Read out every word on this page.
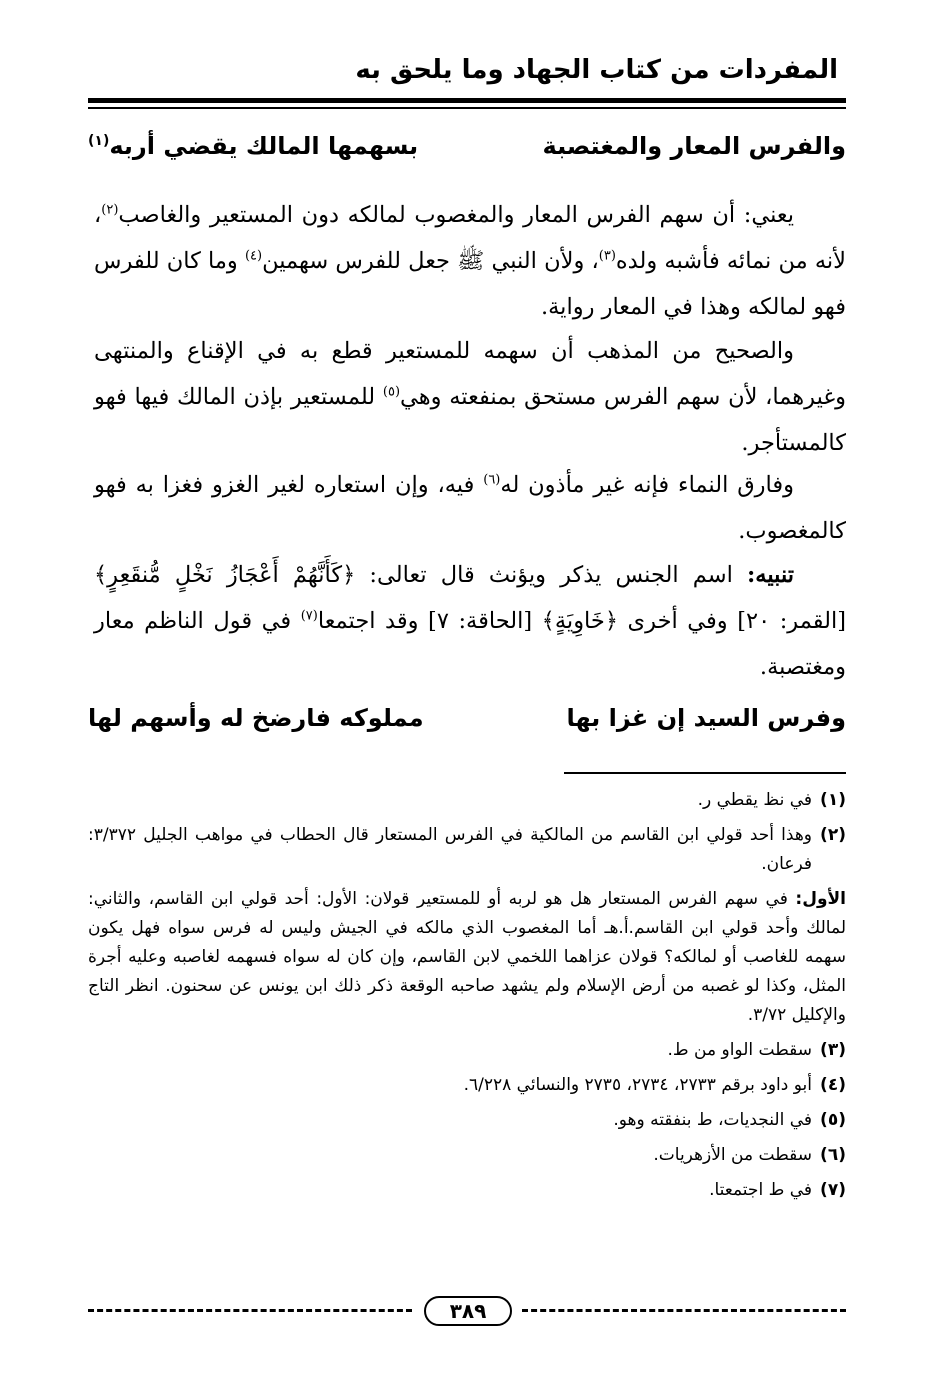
المفردات من كتاب الجهاد وما يلحق به
والفرس المعار والمغتصبة
بسهمها المالك يقضي أربه$^{(١)}$

يعني: أن سهم الفرس المعار والمغصوب لمالكه دون المستعير والغاصب$^{(٢)}$، لأنه من نمائه فأشبه ولده$^{(٣)}$، ولأن النبي ﷺ جعل للفرس سهمين$^{(٤)}$ وما كان للفرس فهو لمالكه وهذا في المعار رواية.

والصحيح من المذهب أن سهمه للمستعير قطع به في الإقناع والمنتهى وغيرهما، لأن سهم الفرس مستحق بمنفعته وهي$^{(٥)}$ للمستعير بإذن المالك فيها فهو كالمستأجر.

وفارق النماء فإنه غير مأذون له$^{(٦)}$ فيه، وإن استعاره لغير الغزو فغزا به فهو كالمغصوب.

تنبيه: اسم الجنس يذكر ويؤنث قال تعالى: ﴿كَأَنَّهُمْ أَعْجَازُ نَخْلٍ مُّنقَعِرٍ﴾ [القمر: ٢٠] وفي أخرى ﴿خَاوِيَةٍ﴾ [الحاقة: ٧] وقد اجتمعا$^{(٧)}$ في قول الناظم معار ومغتصبة.

وفرس السيد إن غزا بها
مملوكه فارضخ له وأسهم لها
(١)
في نظ يقطي ر.
(٢)
وهذا أحد قولي ابن القاسم من المالكية في الفرس المستعار قال الحطاب في مواهب الجليل ٣/٣٧٢: فرعان.
الأول: في سهم الفرس المستعار هل هو لربه أو للمستعير قولان: الأول: أحد قولي ابن القاسم، والثاني: لمالك وأحد قولي ابن القاسم.أ.هـ أما المغصوب الذي مالكه في الجيش وليس له فرس سواه فهل يكون سهمه للغاصب أو لمالكه؟ قولان عزاهما اللخمي لابن القاسم، وإن كان له سواه فسهمه لغاصبه وعليه أجرة المثل، وكذا لو غصبه من أرض الإسلام ولم يشهد صاحبه الوقعة ذكر ذلك ابن يونس عن سحنون. انظر التاج والإكليل ٣/٧٢.
(٣)
سقطت الواو من ط.
(٤)
أبو داود برقم ٢٧٣٣، ٢٧٣٤، ٢٧٣٥ والنسائي ٦/٢٢٨.
(٥)
في النجديات، ط بنفقته وهو.
(٦)
سقطت من الأزهريات.
(٧)
في ط اجتمعتا.
٣٨٩
